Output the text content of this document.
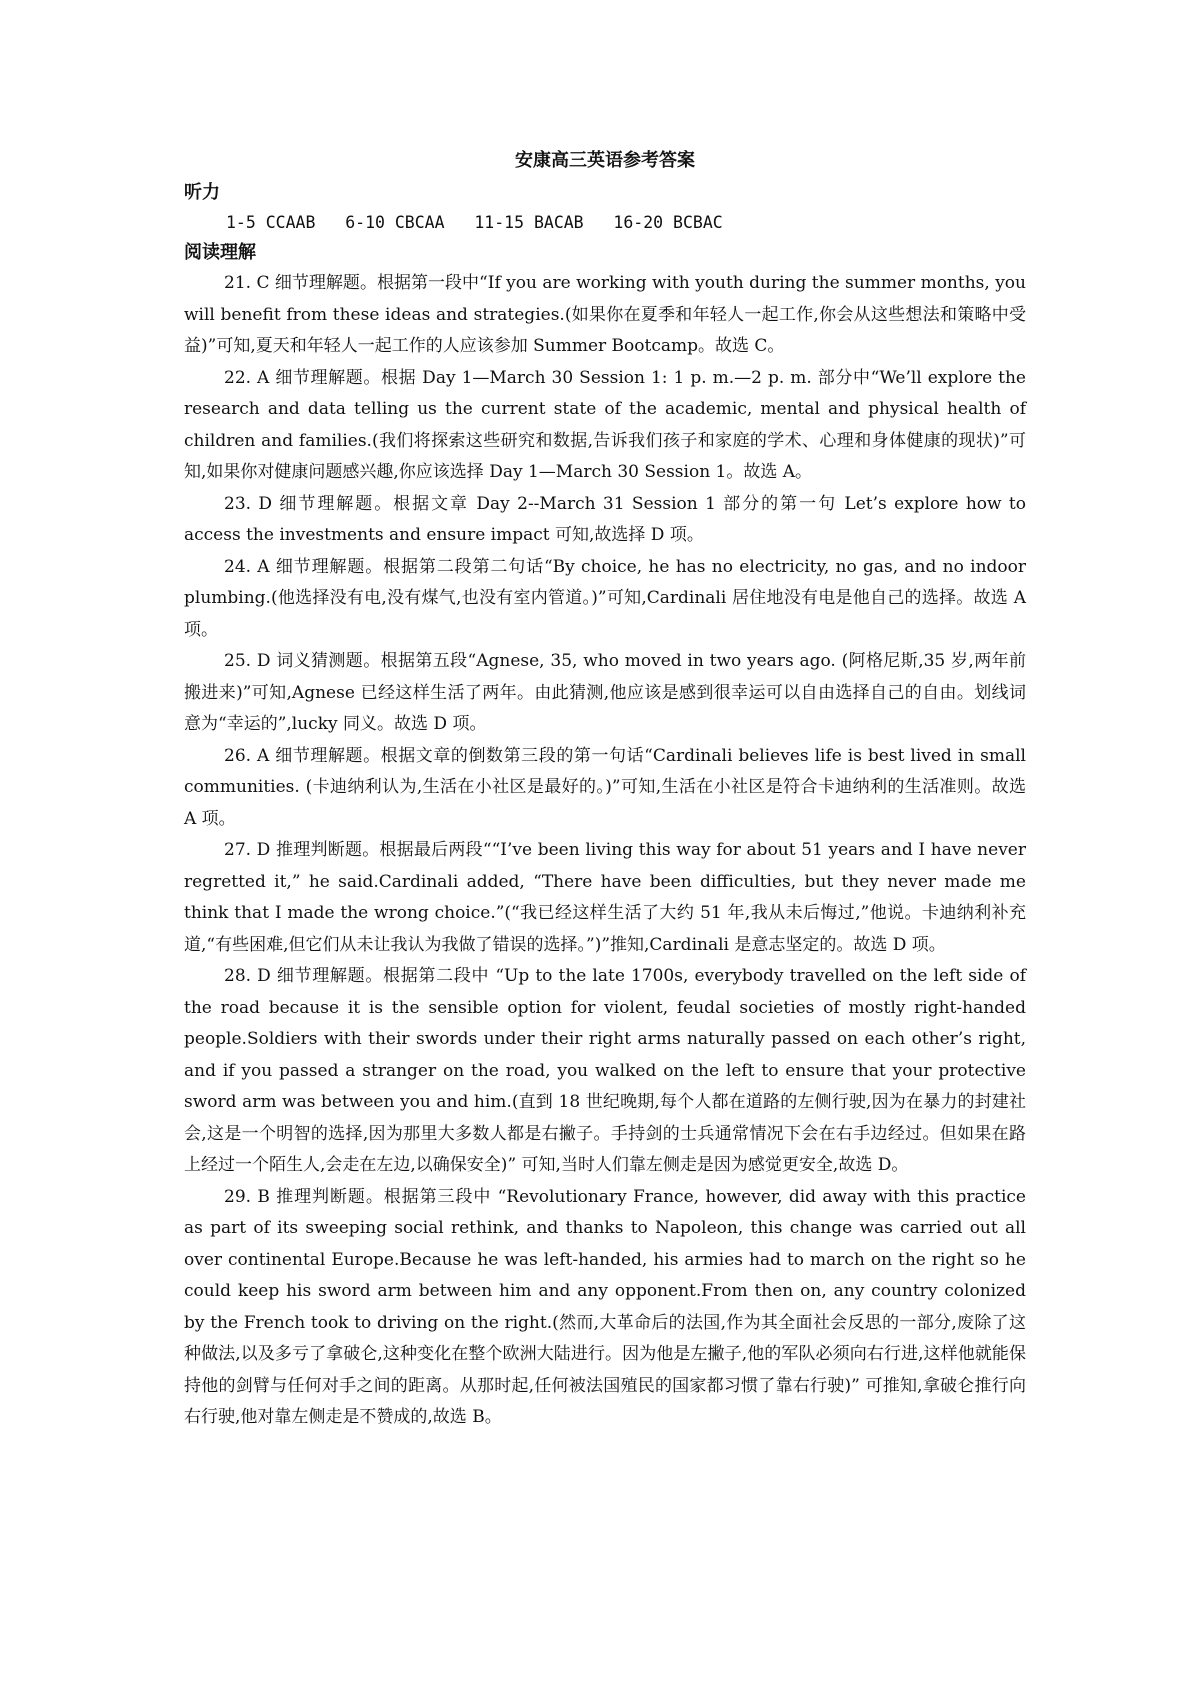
安康高三英语参考答案

听力

1-5 CCAAB   6-10 CBCAA   11-15 BACAB   16-20 BCBAC

阅读理解

21. C 细节理解题。根据第一段中“If you are working with youth during the summer months, you will benefit from these ideas and strategies.(如果你在夏季和年轻人一起工作,你会从这些想法和策略中受益)”可知,夏天和年轻人一起工作的人应该参加 Summer Bootcamp。故选 C。

22. A 细节理解题。根据 Day 1—March 30 Session 1: 1 p. m.—2 p. m. 部分中“We’ll explore the research and data telling us the current state of the academic, mental and physical health of children and families.(我们将探索这些研究和数据,告诉我们孩子和家庭的学术、心理和身体健康的现状)”可知,如果你对健康问题感兴趣,你应该选择 Day 1—March 30 Session 1。故选 A。

23. D 细节理解题。根据文章 Day 2--March 31 Session 1 部分的第一句 Let’s explore how to access the investments and ensure impact 可知,故选择 D 项。

24. A 细节理解题。根据第二段第二句话“By choice, he has no electricity, no gas, and no indoor plumbing.(他选择没有电,没有煤气,也没有室内管道。)”可知,Cardinali 居住地没有电是他自己的选择。故选 A 项。

25. D 词义猜测题。根据第五段“Agnese, 35, who moved in two years ago. (阿格尼斯,35 岁,两年前搬进来)”可知,Agnese 已经这样生活了两年。由此猜测,他应该是感到很幸运可以自由选择自己的自由。划线词意为“幸运的”,lucky 同义。故选 D 项。

26. A 细节理解题。根据文章的倒数第三段的第一句话“Cardinali believes life is best lived in small communities. (卡迪纳利认为,生活在小社区是最好的。)”可知,生活在小社区是符合卡迪纳利的生活准则。故选 A 项。

27. D 推理判断题。根据最后两段““I’ve been living this way for about 51 years and I have never regretted it,” he said.Cardinali added, “There have been difficulties, but they never made me think that I made the wrong choice.”(“我已经这样生活了大约 51 年,我从未后悔过,”他说。卡迪纳利补充道,“有些困难,但它们从未让我认为我做了错误的选择。”)”推知,Cardinali 是意志坚定的。故选 D 项。

28. D 细节理解题。根据第二段中 “Up to the late 1700s, everybody travelled on the left side of the road because it is the sensible option for violent, feudal societies of mostly right-handed people.Soldiers with their swords under their right arms naturally passed on each other’s right, and if you passed a stranger on the road, you walked on the left to ensure that your protective sword arm was between you and him.(直到 18 世纪晚期,每个人都在道路的左侧行驶,因为在暴力的封建社会,这是一个明智的选择,因为那里大多数人都是右撇子。手持剑的士兵通常情况下会在右手边经过。但如果在路上经过一个陌生人,会走在左边,以确保安全)” 可知,当时人们靠左侧走是因为感觉更安全,故选 D。

29. B 推理判断题。根据第三段中 “Revolutionary France, however, did away with this practice as part of its sweeping social rethink, and thanks to Napoleon, this change was carried out all over continental Europe.Because he was left-handed, his armies had to march on the right so he could keep his sword arm between him and any opponent.From then on, any country colonized by the French took to driving on the right.(然而,大革命后的法国,作为其全面社会反思的一部分,废除了这种做法,以及多亏了拿破仑,这种变化在整个欧洲大陆进行。因为他是左撇子,他的军队必须向右行进,这样他就能保持他的剑臂与任何对手之间的距离。从那时起,任何被法国殖民的国家都习惯了靠右行驶)” 可推知,拿破仑推行向右行驶,他对靠左侧走是不赞成的,故选 B。
